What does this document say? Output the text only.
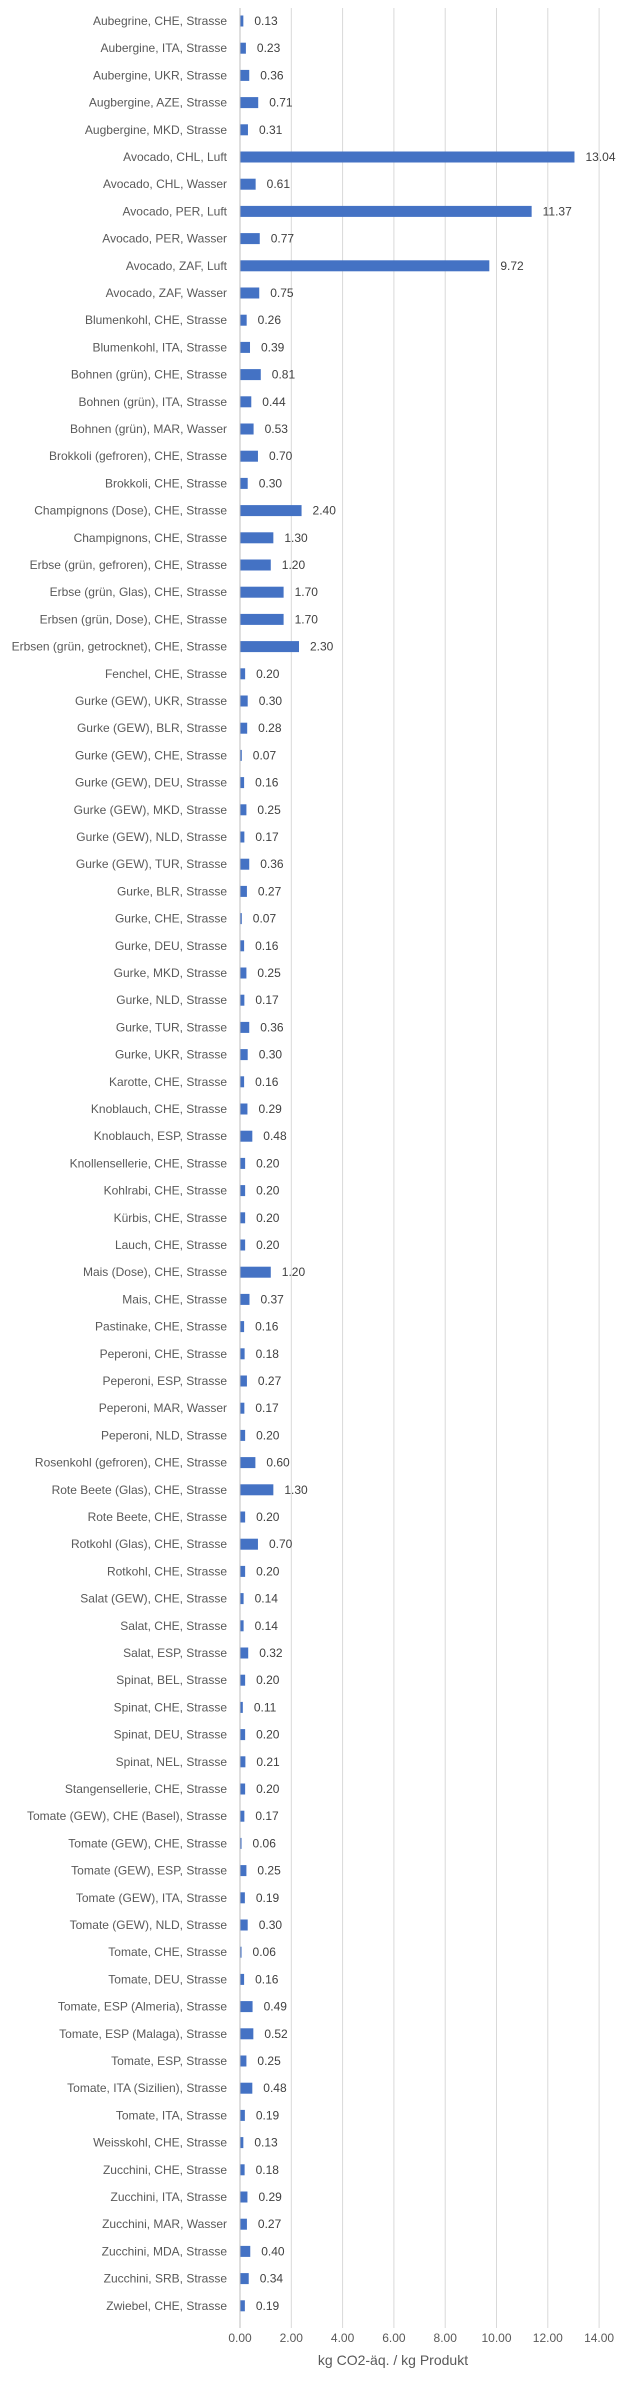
Aubegrine, CHE, Strasse
Aubergine, ITA, Strasse
Aubergine, UKR, Strasse
Augbergine, AZE, Strasse
Augbergine, MKD, Strasse
Avocado, CHL, Luft
Avocado, CHL, Wasser
Avocado, PER, Luft
Avocado, PER, Wasser
Avocado, ZAF, Luft
Avocado, ZAF, Wasser
Blumenkohl, CHE, Strasse
Blumenkohl, ITA, Strasse
Bohnen (grün), CHE, Strasse
Bohnen (grün), ITA, Strasse
Bohnen (grün), MAR, Wasser
Brokkoli (gefroren), CHE, Strasse
Brokkoli, CHE, Strasse
Champignons (Dose), CHE, Strasse
Champignons, CHE, Strasse
Erbse (grün, gefroren), CHE, Strasse
Erbse (grün, Glas), CHE, Strasse
Erbsen (grün, Dose), CHE, Strasse
Erbsen (grün, getrocknet), CHE, Strasse
Fenchel, CHE, Strasse
Gurke (GEW), UKR, Strasse
Gurke (GEW), BLR, Strasse
Gurke (GEW), CHE, Strasse
Gurke (GEW), DEU, Strasse
Gurke (GEW), MKD, Strasse
Gurke (GEW), NLD, Strasse
Gurke (GEW), TUR, Strasse
Gurke, BLR, Strasse
Gurke, CHE, Strasse
Gurke, DEU, Strasse
Gurke, MKD, Strasse
Gurke, NLD, Strasse
Gurke, TUR, Strasse
Gurke, UKR, Strasse
Karotte, CHE, Strasse
Knoblauch, CHE, Strasse
Knoblauch, ESP, Strasse
Knollensellerie, CHE, Strasse
Kohlrabi, CHE, Strasse
Kürbis, CHE, Strasse
Lauch, CHE, Strasse
Mais (Dose), CHE, Strasse
Mais, CHE, Strasse
Pastinake, CHE, Strasse
Peperoni, CHE, Strasse
Peperoni, ESP, Strasse
Peperoni, MAR, Wasser
Peperoni, NLD, Strasse
Rosenkohl (gefroren), CHE, Strasse
Rote Beete (Glas), CHE, Strasse
Rote Beete, CHE, Strasse
Rotkohl (Glas), CHE, Strasse
Rotkohl, CHE, Strasse
Salat (GEW), CHE, Strasse
Salat, CHE, Strasse
Salat, ESP, Strasse
Spinat, BEL, Strasse
Spinat, CHE, Strasse
Spinat, DEU, Strasse
Spinat, NEL, Strasse
Stangensellerie, CHE, Strasse
Tomate (GEW), CHE (Basel), Strasse
Tomate (GEW), CHE, Strasse
Tomate (GEW), ESP, Strasse
Tomate (GEW), ITA, Strasse
Tomate (GEW), NLD, Strasse
Tomate, CHE, Strasse
Tomate, DEU, Strasse
Tomate, ESP (Almeria), Strasse
Tomate, ESP (Malaga), Strasse
Tomate, ESP, Strasse
Tomate, ITA (Sizilien), Strasse
Tomate, ITA, Strasse
Weisskohl, CHE, Strasse
Zucchini, CHE, Strasse
Zucchini, ITA, Strasse
Zucchini, MAR, Wasser
Zucchini, MDA, Strasse
Zucchini, SRB, Strasse
Zwiebel, CHE, Strasse
0.13
0.23
0.36
0.71
0.31
13.04
0.61
11.37
0.77
9.72
0.75
0.26
0.39
0.81
0.44
0.53
0.70
0.30
2.40
1.30
1.20
1.70
1.70
2.30
0.20
0.30
0.28
0.07
0.16
0.25
0.17
0.36
0.27
0.07
0.16
0.25
0.17
0.36
0.30
0.16
0.29
0.48
0.20
0.20
0.20
0.20
1.20
0.37
0.16
0.18
0.27
0.17
0.20
0.60
1.30
0.20
0.70
0.20
0.14
0.14
0.32
0.20
0.11
0.20
0.21
0.20
0.17
0.06
0.25
0.19
0.30
0.06
0.16
0.49
0.52
0.25
0.48
0.19
0.13
0.18
0.29
0.27
0.40
0.34
0.19
0.00 2.00 4.00 6.00 8.00 10.00 12.00 14.00
kg CO2-äq. / kg Produkt
